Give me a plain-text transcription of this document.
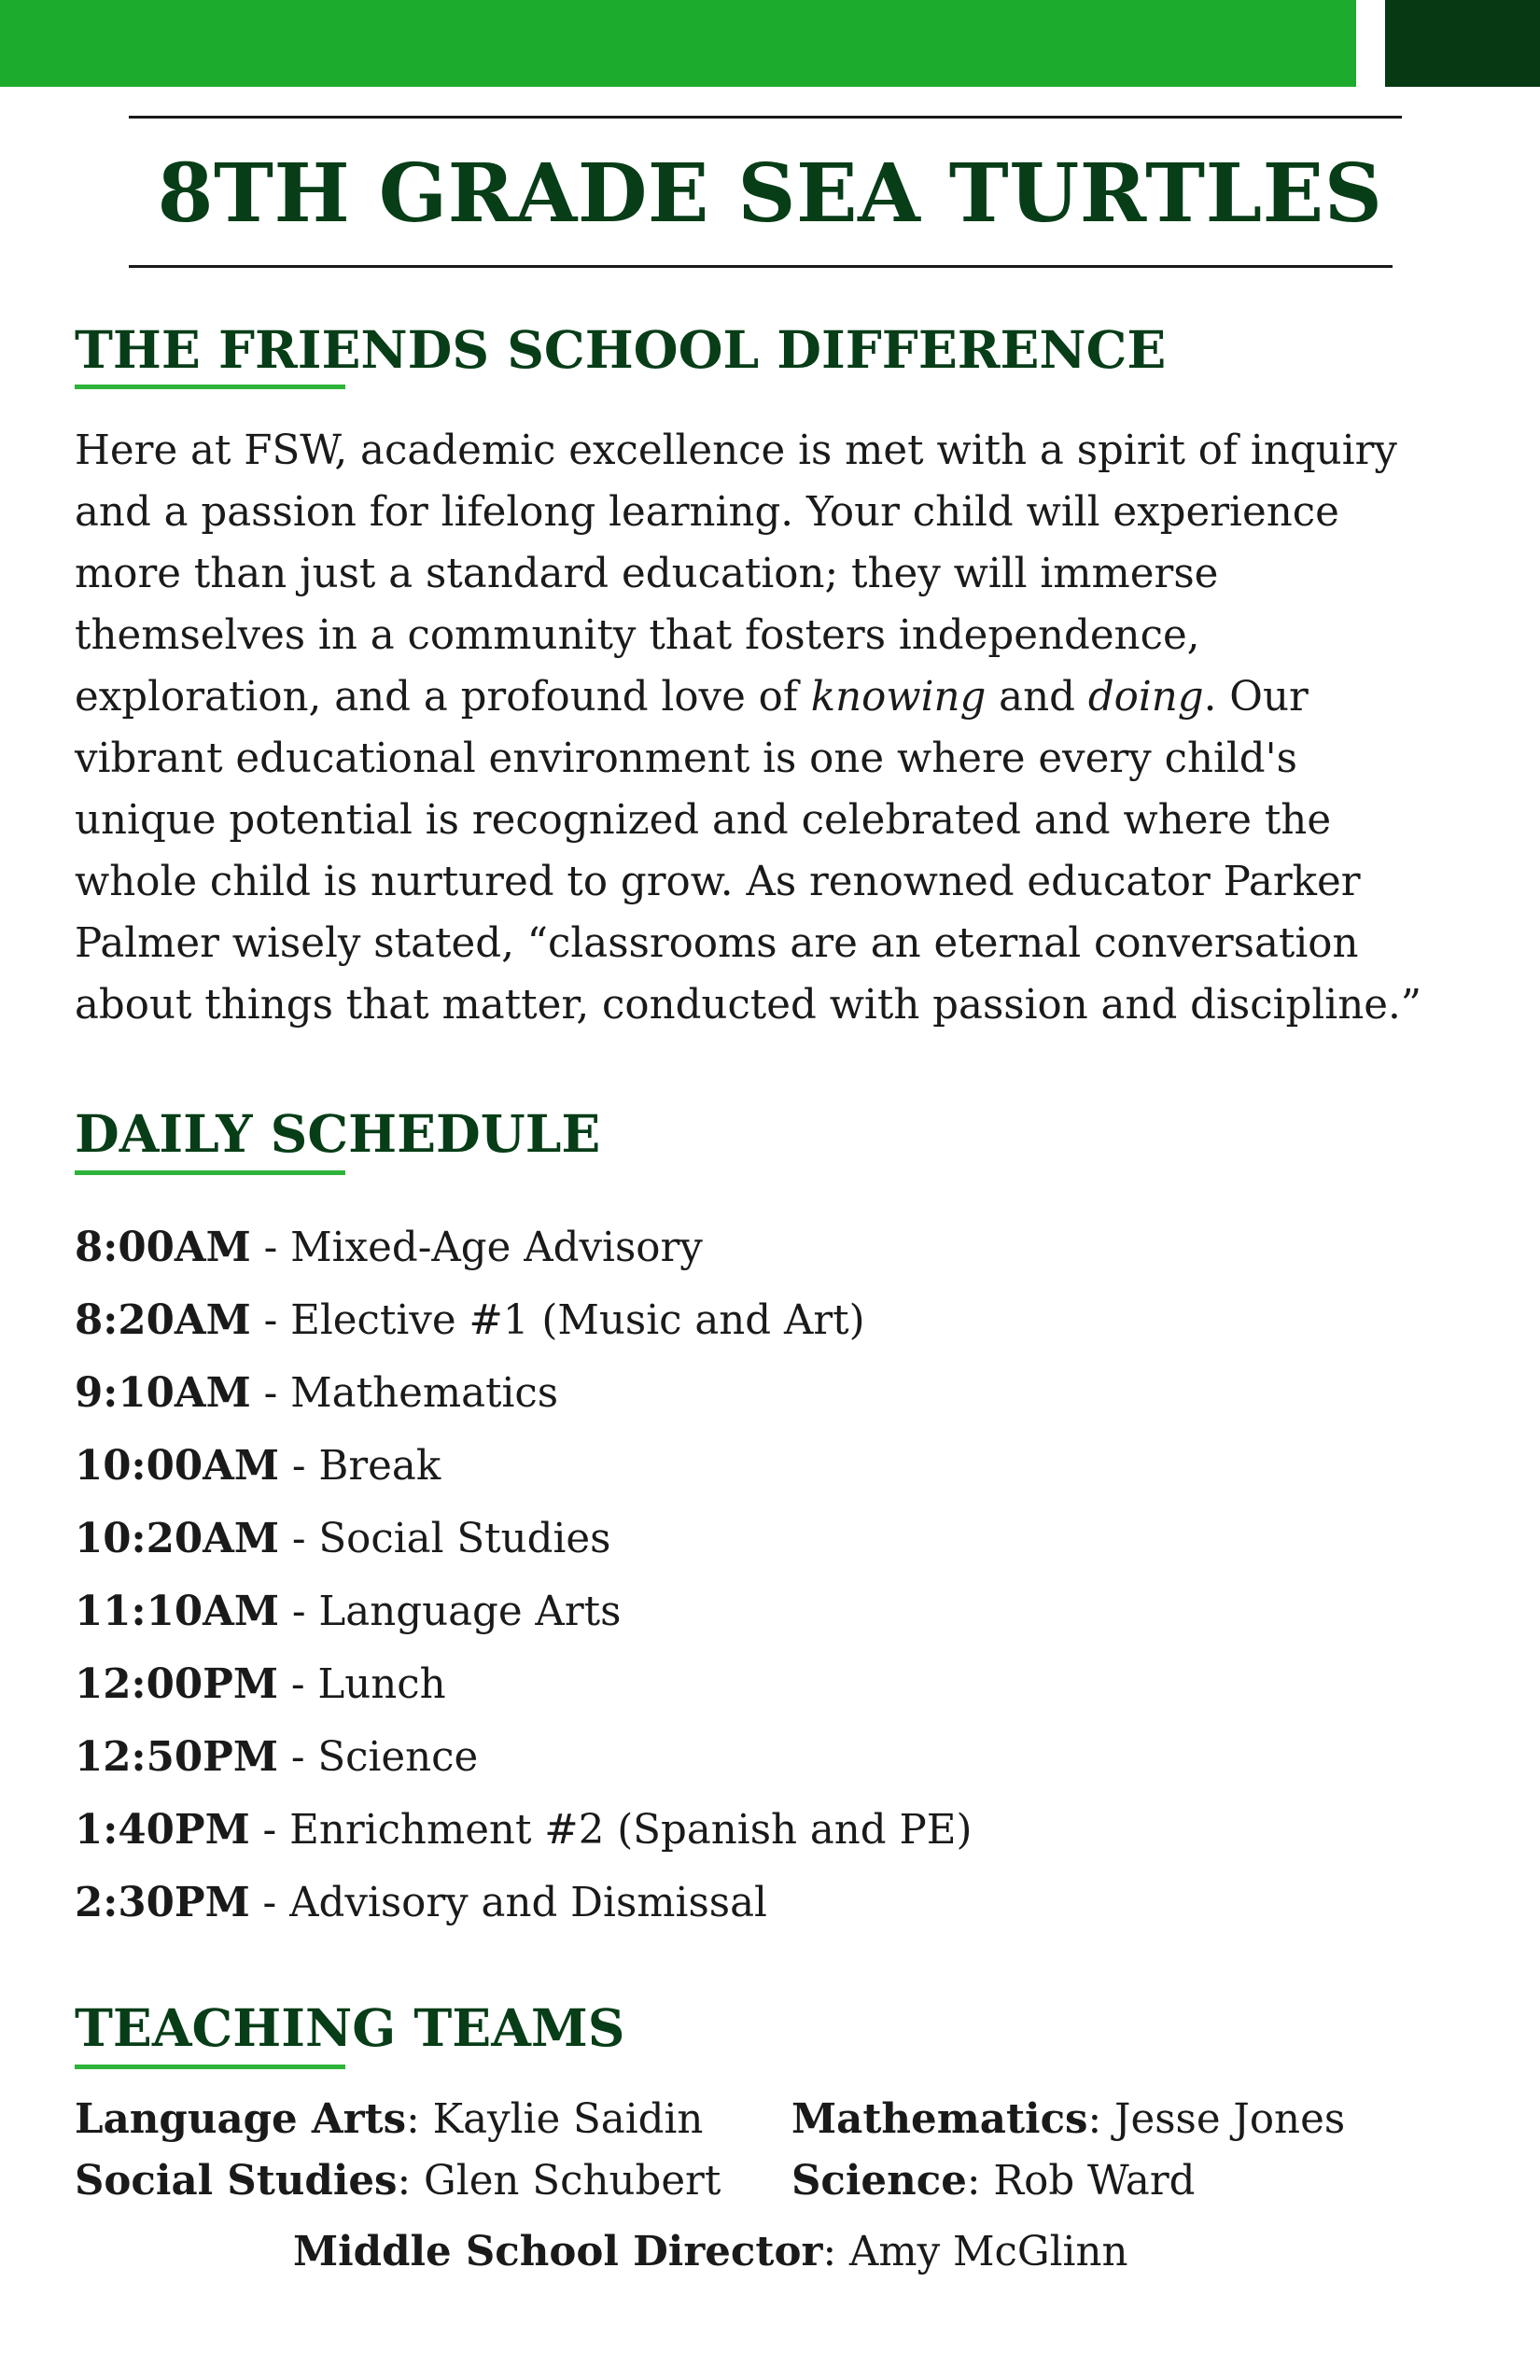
8TH GRADE SEA TURTLES
THE FRIENDS SCHOOL DIFFERENCE

Here at FSW, academic excellence is met with a spirit of inquiry
and a passion for lifelong learning. Your child will experience
more than just a standard education; they will immerse
themselves in a community that fosters independence,
exploration, and a profound love of knowing and doing. Our
vibrant educational environment is one where every child's
unique potential is recognized and celebrated and where the
whole child is nurtured to grow. As renowned educator Parker
Palmer wisely stated, “classrooms are an eternal conversation
about things that matter, conducted with passion and discipline.”

DAILY SCHEDULE
8:00AM - Mixed-Age Advisory
8:20AM - Elective #1 (Music and Art)
9:10AM - Mathematics
10:00AM - Break
10:20AM - Social Studies
11:10AM - Language Arts
12:00PM - Lunch
12:50PM - Science
1:40PM - Enrichment #2 (Spanish and PE)
2:30PM - Advisory and Dismissal
TEACHING TEAMS
Language Arts: Kaylie Saidin Mathematics: Jesse Jones
Social Studies: Glen Schubert Science: Rob Ward
Middle School Director: Amy McGlinn
